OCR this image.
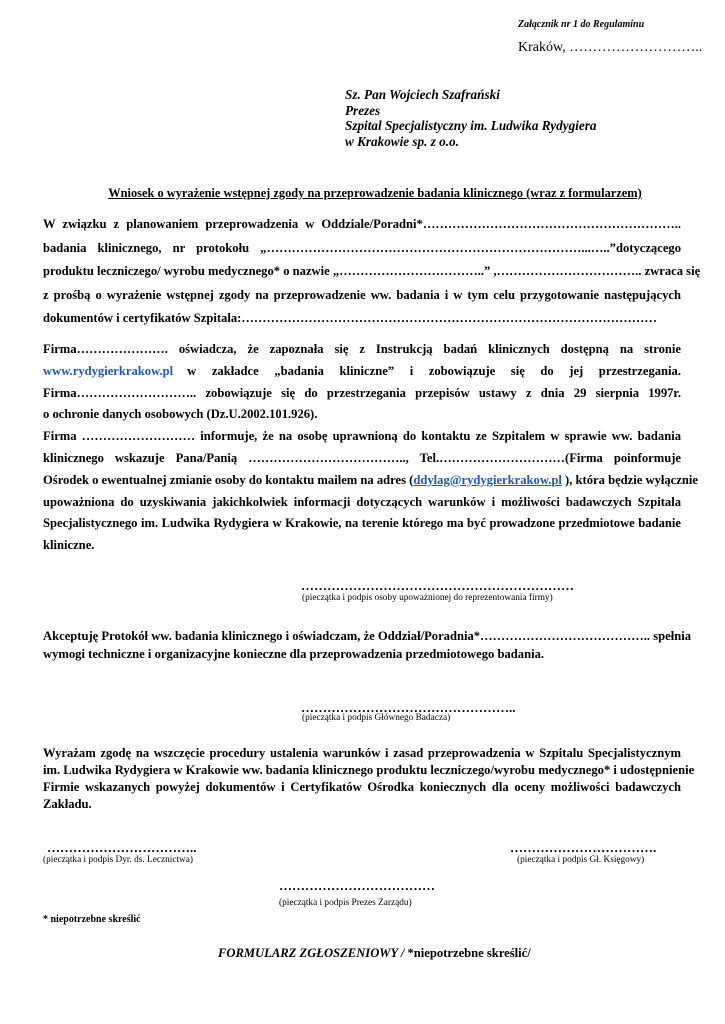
Załącznik nr 1 do Regulaminu
Kraków, ………………………..
Sz. Pan Wojciech Szafrański
Prezes
Szpital Specjalistyczny im. Ludwika Rydygiera
w Krakowie sp. z o.o.
Wniosek o wyrażenie wstępnej zgody na przeprowadzenie badania klinicznego (wraz z formularzem)
W związku z planowaniem przeprowadzenia w Oddziale/Poradni*……………………………………………………..
badania klinicznego, nr protokołu „…………………………………………………………………...…..”dotyczącego
produktu leczniczego/ wyrobu medycznego* o nazwie „……………………………..” ,…………………………….. zwraca się
z prośbą o wyrażenie wstępnej zgody na przeprowadzenie ww. badania i w tym celu przygotowanie następujących
dokumentów i certyfikatów Szpitala:………………………………………………………………………………………
Firma…………………. oświadcza, że zapoznała się z Instrukcją badań klinicznych dostępną na stronie
www.rydygierkrakow.pl w zakładce „badania kliniczne” i zobowiązuje się do jej przestrzegania.
Firma……………………….. zobowiązuje się do przestrzegania przepisów ustawy z dnia 29 sierpnia 1997r.
o ochronie danych osobowych (Dz.U.2002.101.926).
Firma ……………………… informuje, że na osobę uprawnioną do kontaktu ze Szpitalem w sprawie ww. badania
klinicznego wskazuje Pana/Panią ……………………………….., Tel.…………………………(Firma poinformuje
Ośrodek o ewentualnej zmianie osoby do kontaktu mailem na adres (ddylag@rydygierkrakow.pl ), która będzie wyłącznie
upoważniona do uzyskiwania jakichkolwiek informacji dotyczących warunków i możliwości badawczych Szpitala
Specjalistycznego im. Ludwika Rydygiera w Krakowie, na terenie którego ma być prowadzone przedmiotowe badanie
kliniczne.
………………………………………………………
(pieczątka i podpis osoby upoważnionej do reprezentowania firmy)
Akceptuję Protokół ww. badania klinicznego i oświadczam, że Oddział/Poradnia*………………………………….. spełnia
wymogi techniczne i organizacyjne konieczne dla przeprowadzenia przedmiotowego badania.
…………………………………………..
(pieczątka i podpis Głównego Badacza)
Wyrażam zgodę na wszczęcie procedury ustalenia warunków i zasad przeprowadzenia w Szpitalu Specjalistycznym
im. Ludwika Rydygiera w Krakowie ww. badania klinicznego produktu leczniczego/wyrobu medycznego* i udostępnienie
Firmie wskazanych powyżej dokumentów i Certyfikatów Ośrodka koniecznych dla oceny możliwości badawczych
Zakładu.
……………………………..
(pieczątka i podpis Dyr. ds. Lecznictwa)
…………………………….
(pieczątka i podpis Gł. Księgowy)
………………………………
(pieczątka i podpis Prezes Zarządu)
* niepotrzebne skreślić
FORMULARZ ZGŁOSZENIOWY / *niepotrzebne skreślić/
